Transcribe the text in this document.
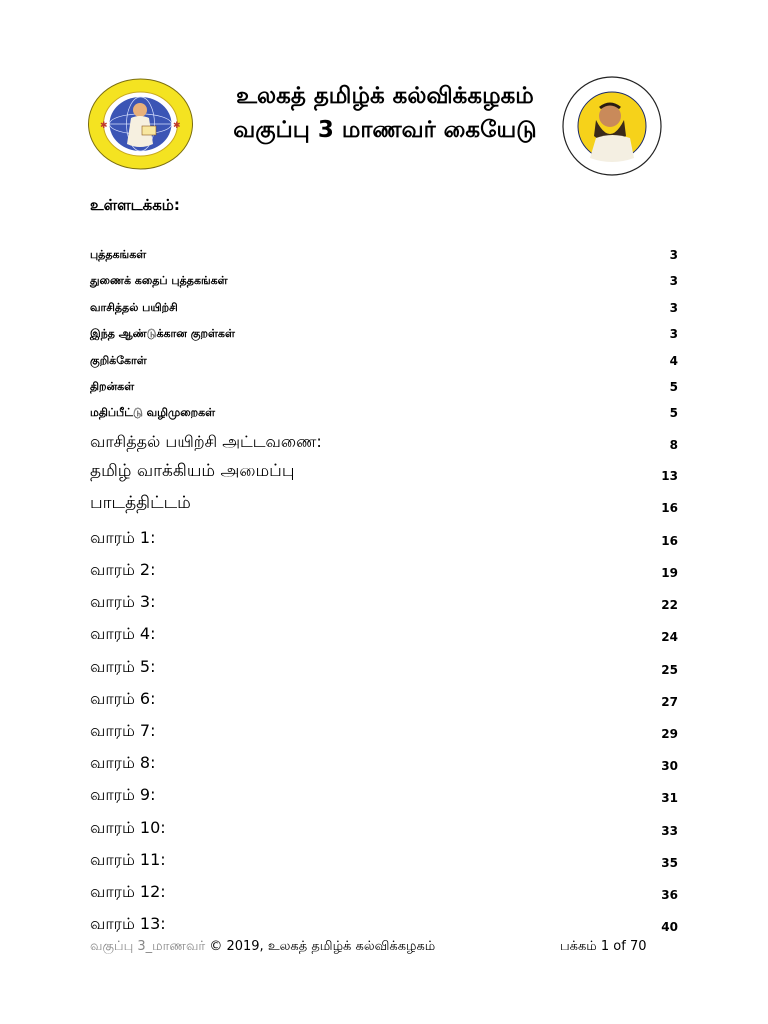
✱	✱
உலகத் தமிழ்க் கல்விக்கழகம்
வகுப்பு 3 மாணவர் கையேடு
உள்ளடக்கம்:
புத்தகங்கள்	3
துணைக் கதைப் புத்தகங்கள்	3
வாசித்தல் பயிற்சி	3
இந்த ஆண்டுக்கான குறள்கள்	3
குறிக்கோள்	4
திறன்கள்	5
மதிப்பீட்டு வழிமுறைகள்	5
வாசித்தல் பயிற்சி அட்டவணை:	8
தமிழ் வாக்கியம் அமைப்பு	13
பாடத்திட்டம்	16
வாரம் 1:	16
வாரம் 2:	19
வாரம் 3:	22
வாரம் 4:	24
வாரம் 5:	25
வாரம் 6:	27
வாரம் 7:	29
வாரம் 8:	30
வாரம் 9:	31
வாரம் 10:	33
வாரம் 11:	35
வாரம் 12:	36
வாரம் 13:	40
வகுப்பு 3_மாணவர் © 2019, உலகத் தமிழ்க் கல்விக்கழகம்	பக்கம் 1 of 70
